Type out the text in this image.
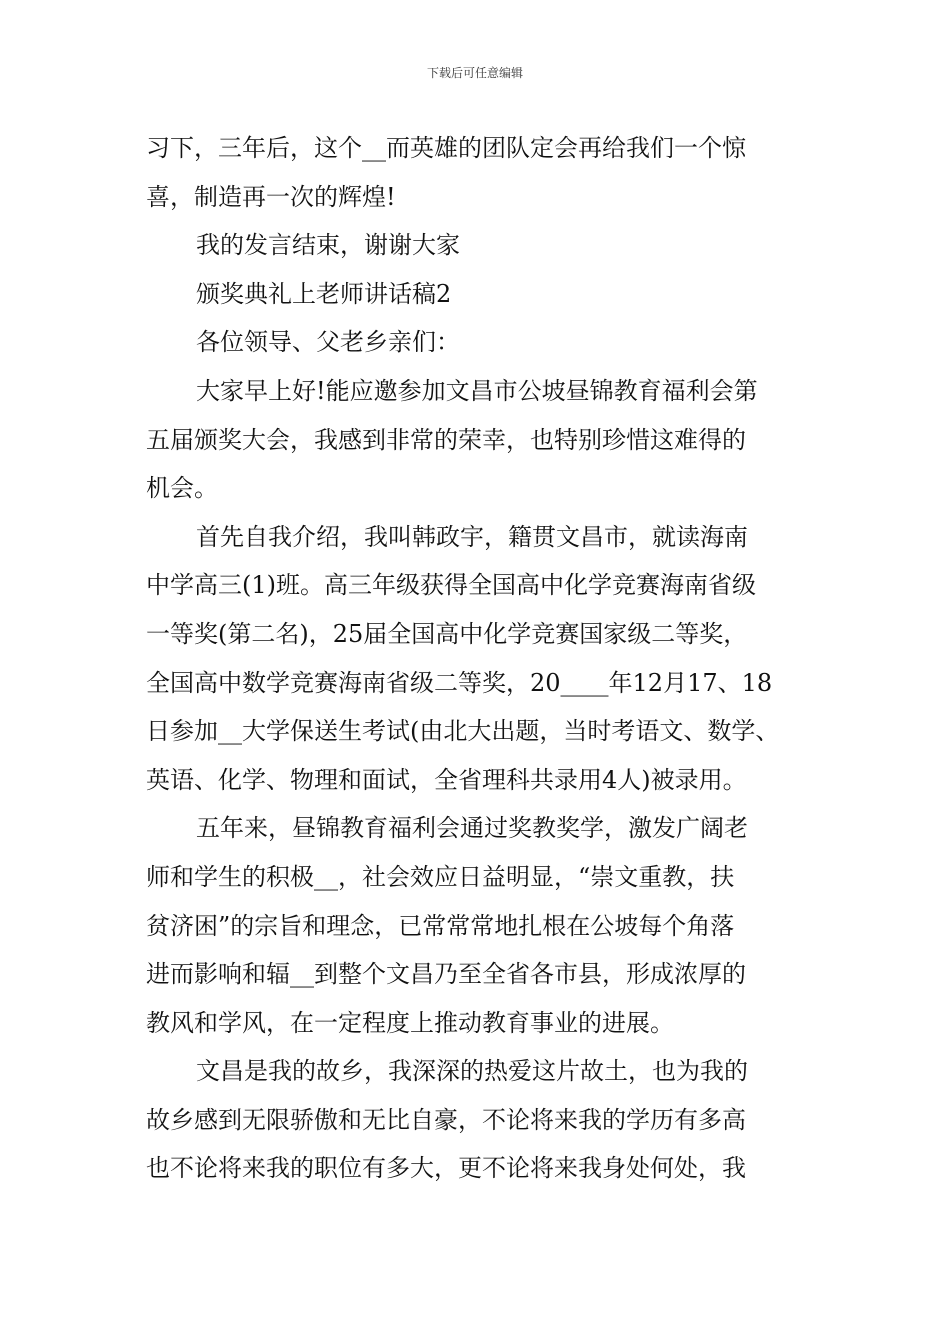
下载后可任意编辑
习下，三年后，这个__而英雄的团队定会再给我们一个惊
喜，制造再一次的辉煌!
我的发言结束，谢谢大家
颁奖典礼上老师讲话稿2
各位领导、父老乡亲们：
大家早上好!能应邀参加文昌市公坡昼锦教育福利会第
五届颁奖大会，我感到非常的荣幸，也特别珍惜这难得的
机会。
首先自我介绍，我叫韩政宇，籍贯文昌市，就读海南
中学高三(1)班。高三年级获得全国高中化学竞赛海南省级
一等奖(第二名)，25届全国高中化学竞赛国家级二等奖，
全国高中数学竞赛海南省级二等奖，20____年12月17、18
日参加__大学保送生考试(由北大出题，当时考语文、数学、
英语、化学、物理和面试，全省理科共录用4人)被录用。
五年来，昼锦教育福利会通过奖教奖学，激发广阔老
师和学生的积极__，社会效应日益明显，“崇文重教，扶
贫济困”的宗旨和理念，已常常常地扎根在公坡每个角落
进而影响和辐__到整个文昌乃至全省各市县，形成浓厚的
教风和学风，在一定程度上推动教育事业的进展。
文昌是我的故乡，我深深的热爱这片故土，也为我的
故乡感到无限骄傲和无比自豪，不论将来我的学历有多高
也不论将来我的职位有多大，更不论将来我身处何处，我
